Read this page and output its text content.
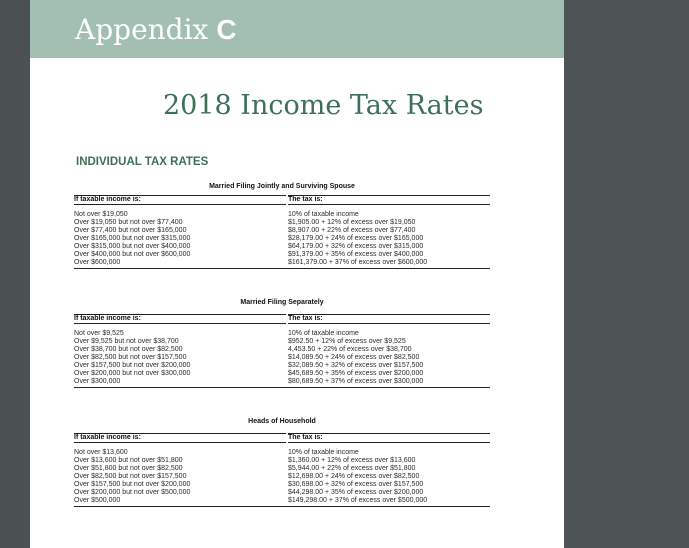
Appendix C
2018 Income Tax Rates
INDIVIDUAL TAX RATES
Married Filing Jointly and Surviving Spouse
If taxable income is:	The tax is:
Not over $19,050	10% of taxable income
Over $19,050 but not over $77,400	$1,905.00 + 12% of excess over $19,050
Over $77,400 but not over $165,000	$8,907.00 + 22% of excess over $77,400
Over $165,000 but not over $315,000	$28,179.00 + 24% of excess over $165,000
Over $315,000 but not over $400,000	$64,179.00 + 32% of excess over $315,000
Over $400,000 but not over $600,000	$91,379.00 + 35% of excess over $400,000
Over $600,000	$161,379.00 + 37% of excess over $600,000
Married Filing Separately
If taxable income is:	The tax is:
Not over $9,525	10% of taxable income
Over $9,525 but not over $38,700	$952.50 + 12% of excess over $9,525
Over $38,700 but not over $82,500	4,453.50 + 22% of excess over $38,700
Over $82,500 but not over $157,500	$14,089.50 + 24% of excess over $82,500
Over $157,500 but not over $200,000	$32,089.50 + 32% of excess over $157,500
Over $200,000 but not over $300,000	$45,689.50 + 35% of excess over $200,000
Over $300,000	$80,689.50 + 37% of excess over $300,000
Heads of Household
If taxable income is:	The tax is:
Not over $13,600	10% of taxable income
Over $13,600 but not over $51,800	$1,360.00 + 12% of excess over $13,600
Over $51,800 but not over $82,500	$5,944.00 + 22% of excess over $51,800
Over $82,500 but not over $157,500	$12,698.00 + 24% of excess over $82,500
Over $157,500 but not over $200,000	$30,698.00 + 32% of excess over $157,500
Over $200,000 but not over $500,000	$44,298.00 + 35% of excess over $200,000
Over $500,000	$149,298.00 + 37% of excess over $500,000
